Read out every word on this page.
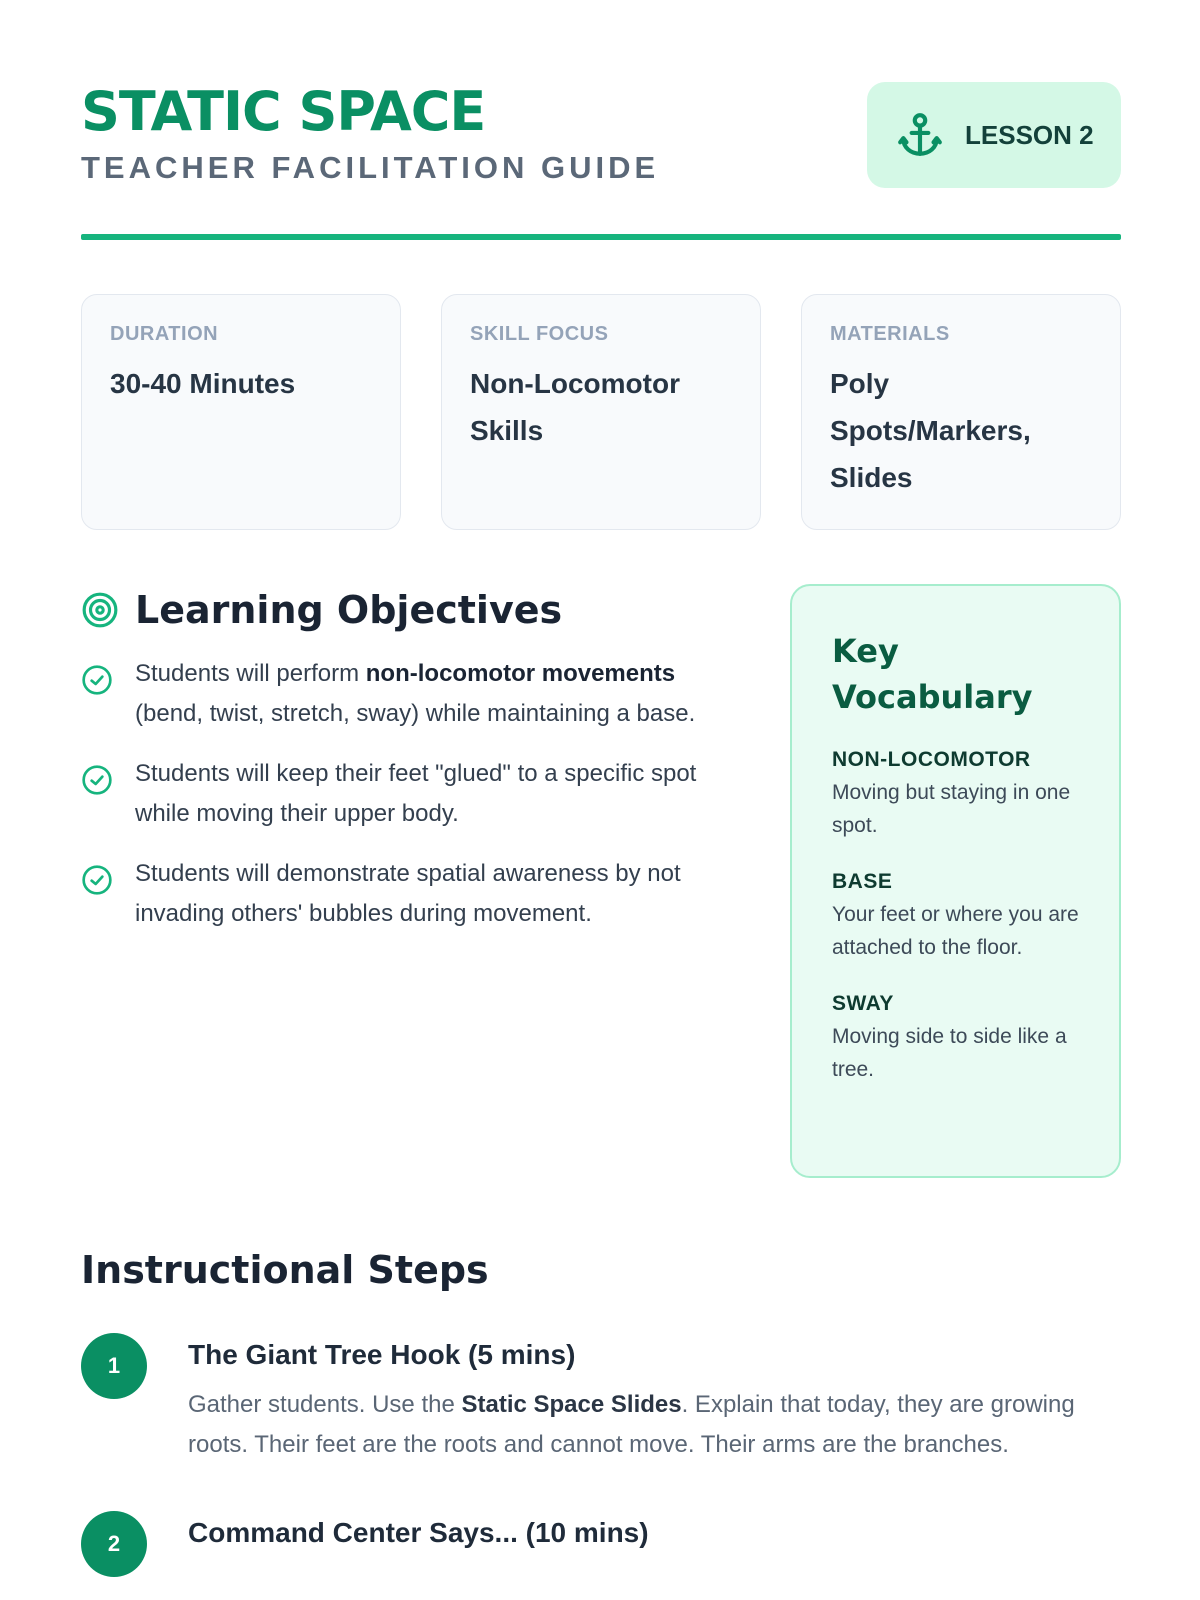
STATIC SPACE
TEACHER FACILITATION GUIDE
LESSON 2
DURATION
30-40 Minutes
SKILL FOCUS
Non-Locomotor Skills
MATERIALS
Poly Spots/Markers, Slides
Learning Objectives
Students will perform non-locomotor movements (bend, twist, stretch, sway) while maintaining a base.
Students will keep their feet "glued" to a specific spot while moving their upper body.
Students will demonstrate spatial awareness by not invading others' bubbles during movement.
Key Vocabulary
NON-LOCOMOTOR
Moving but staying in one spot.
BASE
Your feet or where you are attached to the floor.
SWAY
Moving side to side like a tree.
Instructional Steps
1	The Giant Tree Hook (5 mins)
Gather students. Use the Static Space Slides. Explain that today, they are growing roots. Their feet are the roots and cannot move. Their arms are the branches.
2	Command Center Says... (10 mins)
